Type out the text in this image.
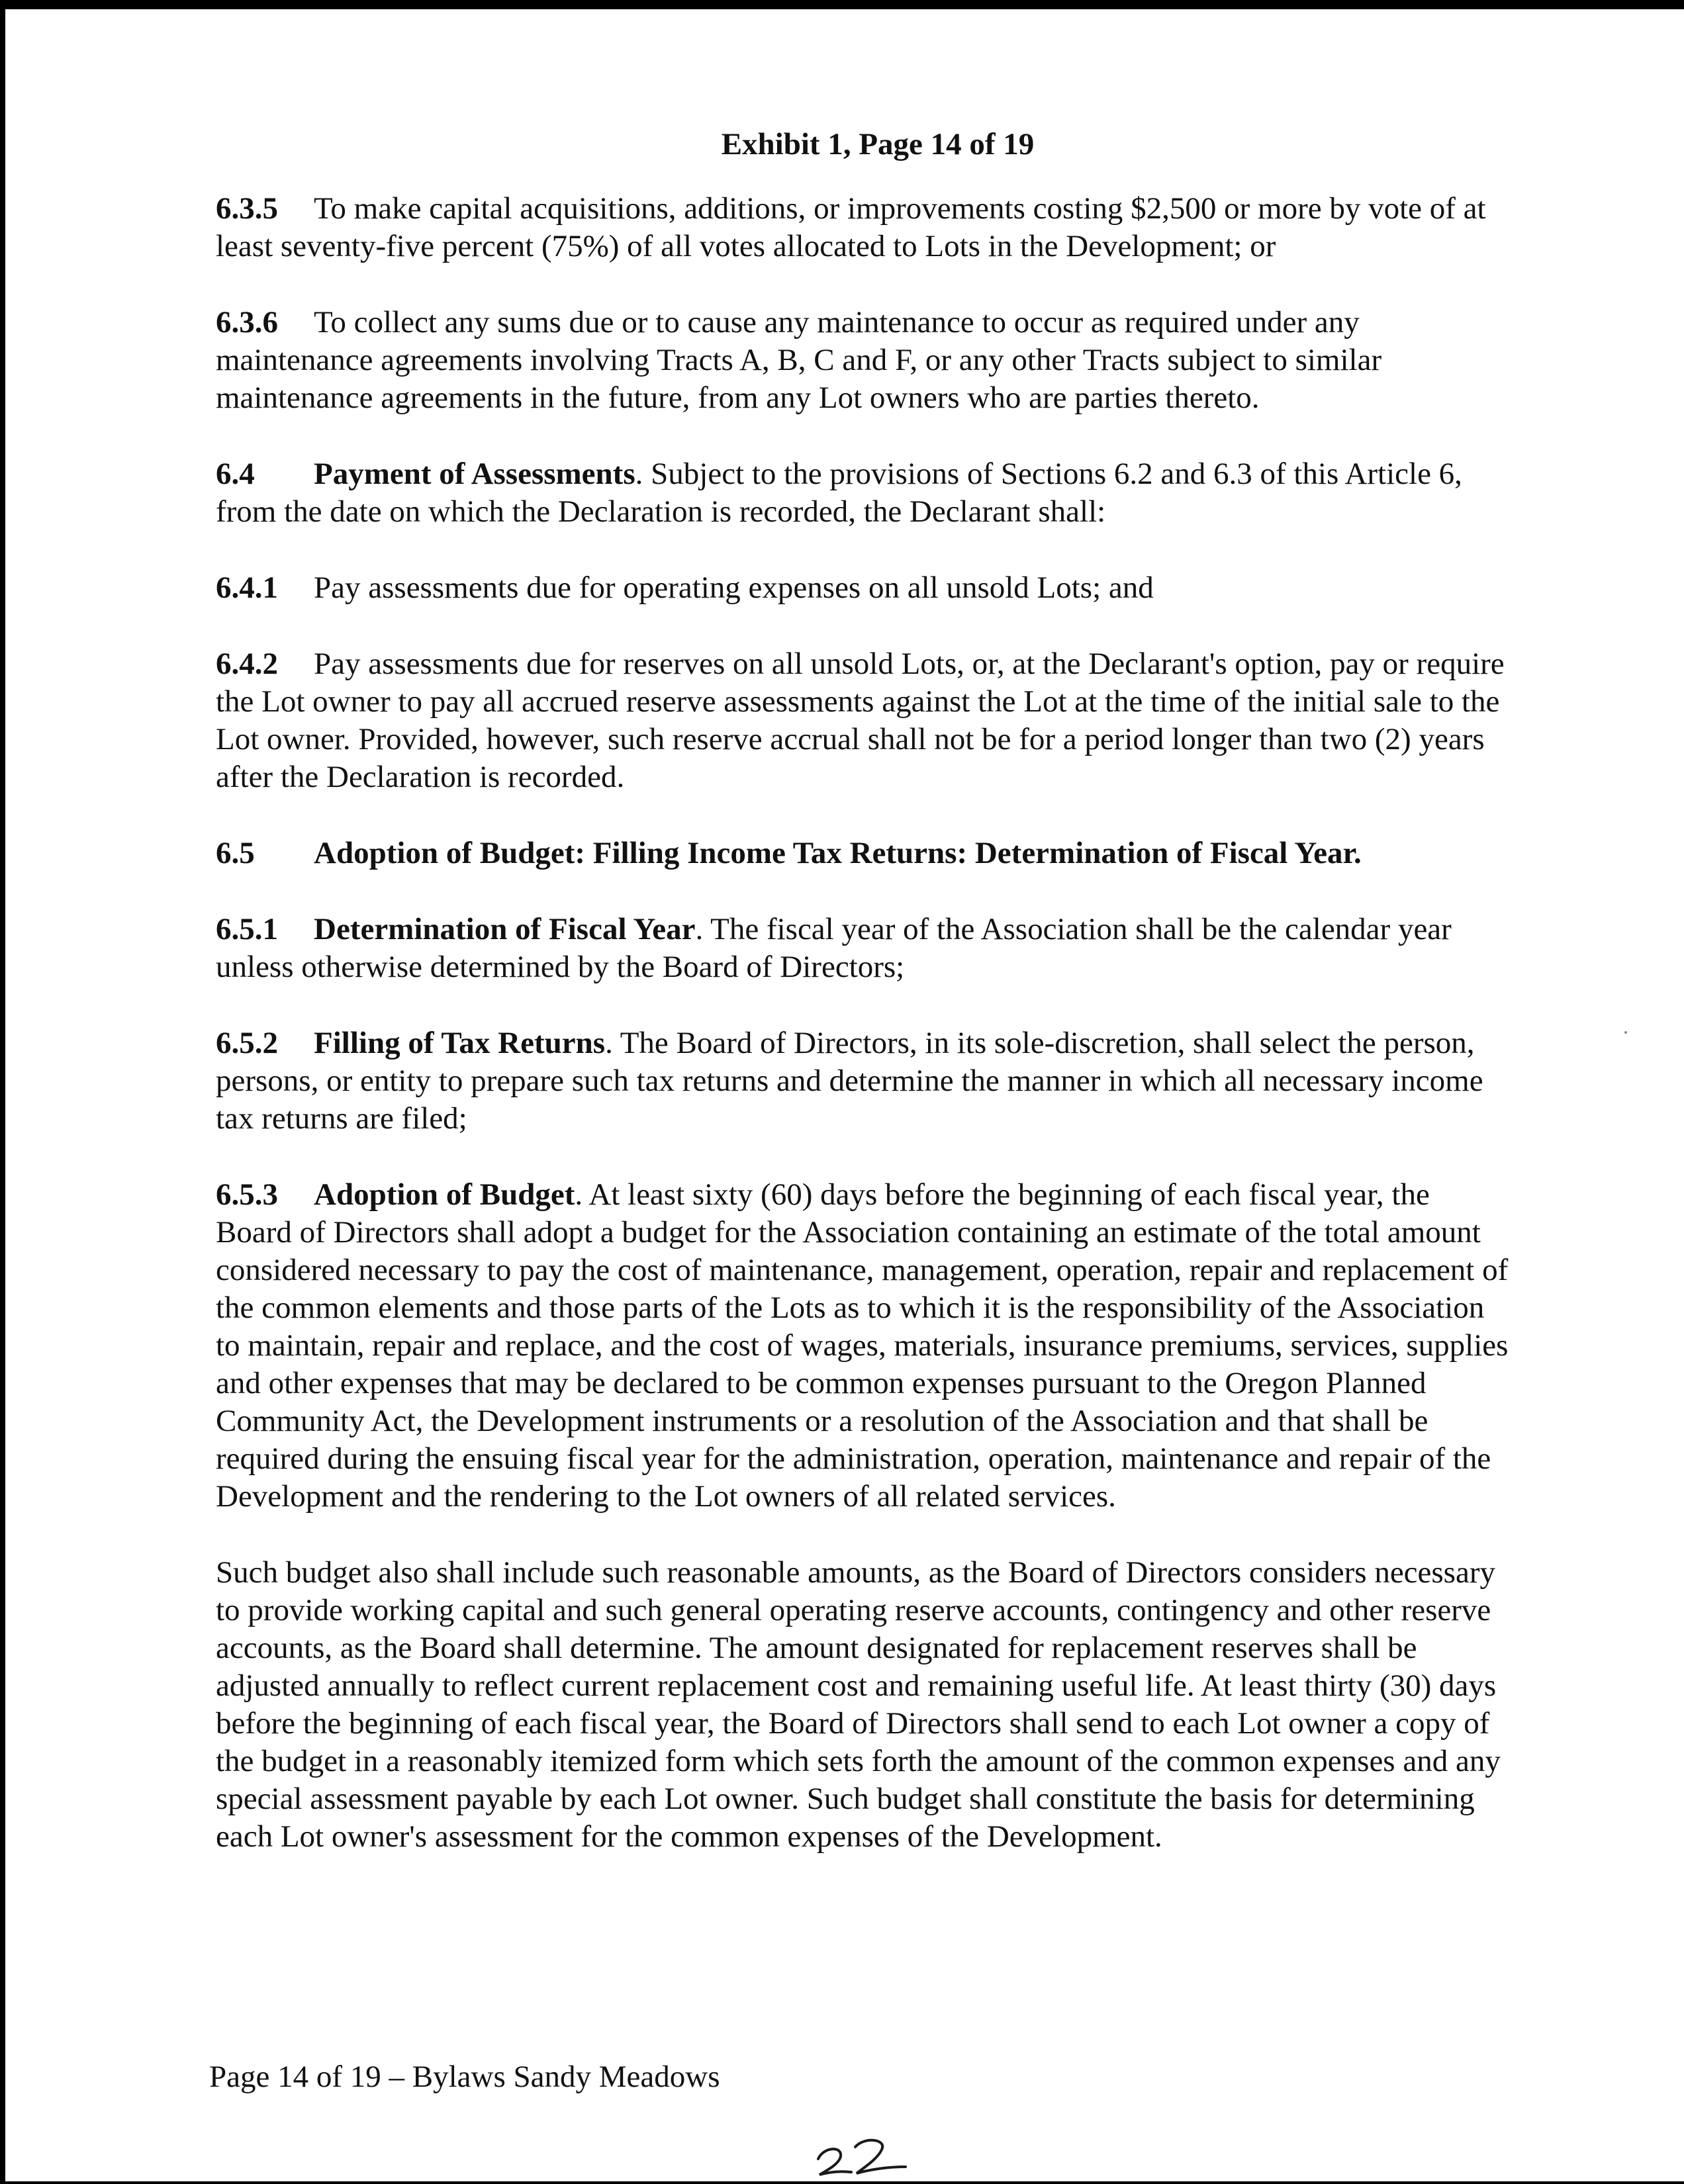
Exhibit 1, Page 14 of 19
6.3.5 To make capital acquisitions, additions, or improvements costing $2,500 or more by vote of at least seventy-five percent (75%) of all votes allocated to Lots in the Development; or
6.3.6 To collect any sums due or to cause any maintenance to occur as required under any maintenance agreements involving Tracts A, B, C and F, or any other Tracts subject to similar maintenance agreements in the future, from any Lot owners who are parties thereto.
6.4 Payment of Assessments. Subject to the provisions of Sections 6.2 and 6.3 of this Article 6, from the date on which the Declaration is recorded, the Declarant shall:
6.4.1 Pay assessments due for operating expenses on all unsold Lots; and
6.4.2 Pay assessments due for reserves on all unsold Lots, or, at the Declarant's option, pay or require the Lot owner to pay all accrued reserve assessments against the Lot at the time of the initial sale to the Lot owner. Provided, however, such reserve accrual shall not be for a period longer than two (2) years after the Declaration is recorded.
6.5 Adoption of Budget: Filling Income Tax Returns: Determination of Fiscal Year.
6.5.1 Determination of Fiscal Year. The fiscal year of the Association shall be the calendar year unless otherwise determined by the Board of Directors;
6.5.2 Filling of Tax Returns. The Board of Directors, in its sole-discretion, shall select the person, persons, or entity to prepare such tax returns and determine the manner in which all necessary income tax returns are filed;
6.5.3 Adoption of Budget. At least sixty (60) days before the beginning of each fiscal year, the Board of Directors shall adopt a budget for the Association containing an estimate of the total amount considered necessary to pay the cost of maintenance, management, operation, repair and replacement of the common elements and those parts of the Lots as to which it is the responsibility of the Association to maintain, repair and replace, and the cost of wages, materials, insurance premiums, services, supplies and other expenses that may be declared to be common expenses pursuant to the Oregon Planned Community Act, the Development instruments or a resolution of the Association and that shall be required during the ensuing fiscal year for the administration, operation, maintenance and repair of the Development and the rendering to the Lot owners of all related services.
Such budget also shall include such reasonable amounts, as the Board of Directors considers necessary to provide working capital and such general operating reserve accounts, contingency and other reserve accounts, as the Board shall determine. The amount designated for replacement reserves shall be adjusted annually to reflect current replacement cost and remaining useful life. At least thirty (30) days before the beginning of each fiscal year, the Board of Directors shall send to each Lot owner a copy of the budget in a reasonably itemized form which sets forth the amount of the common expenses and any special assessment payable by each Lot owner. Such budget shall constitute the basis for determining each Lot owner's assessment for the common expenses of the Development.
Page 14 of 19 – Bylaws Sandy Meadows
